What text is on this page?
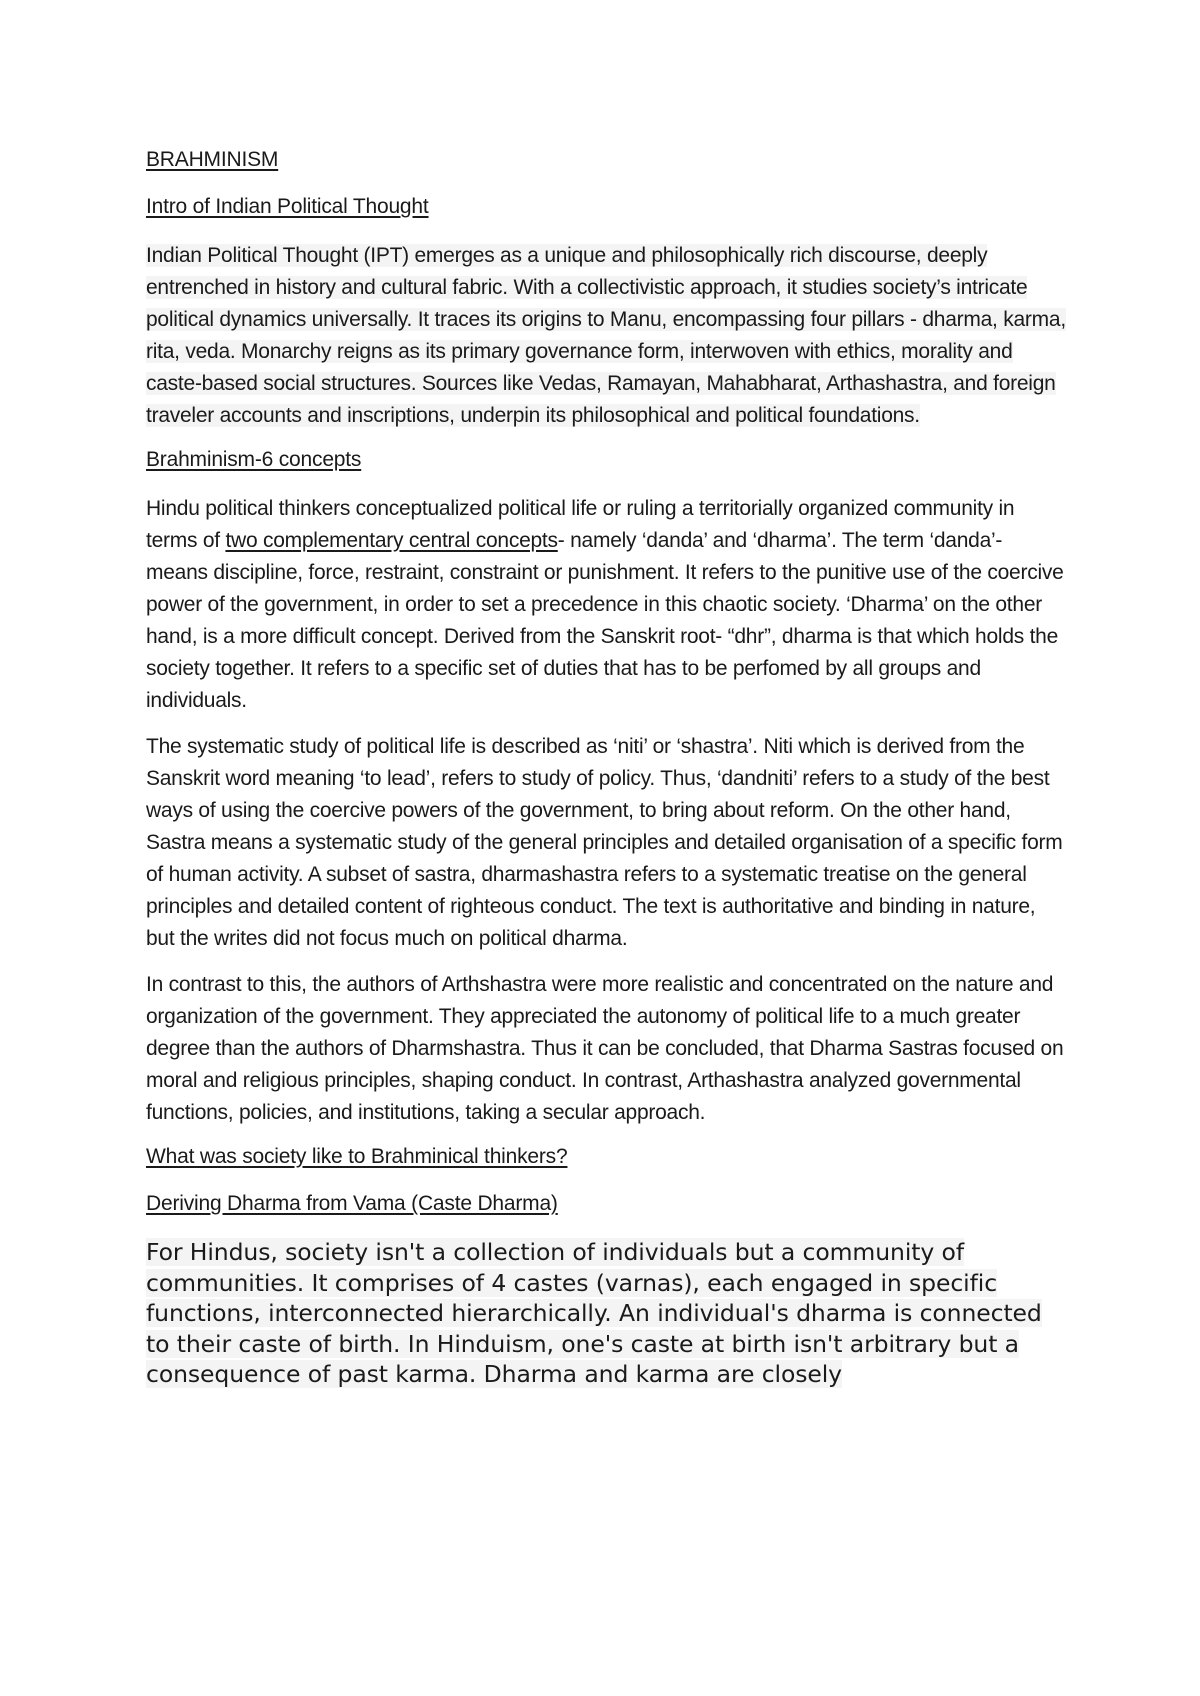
BRAHMINISM
Intro of Indian Political Thought

Indian Political Thought (IPT) emerges as a unique and philosophically rich discourse, deeply entrenched in history and cultural fabric. With a collectivistic approach, it studies society’s intricate political dynamics universally. It traces its origins to Manu, encompassing four pillars - dharma, karma, rita, veda. Monarchy reigns as its primary governance form, interwoven with ethics, morality and caste-based social structures. Sources like Vedas, Ramayan, Mahabharat, Arthashastra, and foreign traveler accounts and inscriptions, underpin its philosophical and political foundations.

Brahminism-6 concepts

Hindu political thinkers conceptualized political life or ruling a territorially organized community in terms of two complementary central concepts- namely ‘danda’ and ‘dharma’. The term ‘danda’- means discipline, force, restraint, constraint or punishment. It refers to the punitive use of the coercive power of the government, in order to set a precedence in this chaotic society. ‘Dharma’ on the other hand, is a more difficult concept. Derived from the Sanskrit root- “dhr”, dharma is that which holds the society together. It refers to a specific set of duties that has to be perfomed by all groups and individuals.

The systematic study of political life is described as ‘niti’ or ‘shastra’. Niti which is derived from the Sanskrit word meaning ‘to lead’, refers to study of policy. Thus, ‘dandniti’ refers to a study of the best ways of using the coercive powers of the government, to bring about reform. On the other hand, Sastra means a systematic study of the general principles and detailed organisation of a specific form of human activity. A subset of sastra, dharmashastra refers to a systematic treatise on the general principles and detailed content of righteous conduct. The text is authoritative and binding in nature, but the writes did not focus much on political dharma.

In contrast to this, the authors of Arthshastra were more realistic and concentrated on the nature and organization of the government. They appreciated the autonomy of political life to a much greater degree than the authors of Dharmshastra. Thus it can be concluded, that Dharma Sastras focused on moral and religious principles, shaping conduct. In contrast, Arthashastra analyzed governmental functions, policies, and institutions, taking a secular approach.

What was society like to Brahminical thinkers?
Deriving Dharma from Vama (Caste Dharma)

For Hindus, society isn't a collection of individuals but a community of communities. It comprises of 4 castes (varnas), each engaged in specific functions, interconnected hierarchically. An individual's dharma is connected to their caste of birth. In Hinduism, one's caste at birth isn't arbitrary but a consequence of past karma. Dharma and karma are closely
